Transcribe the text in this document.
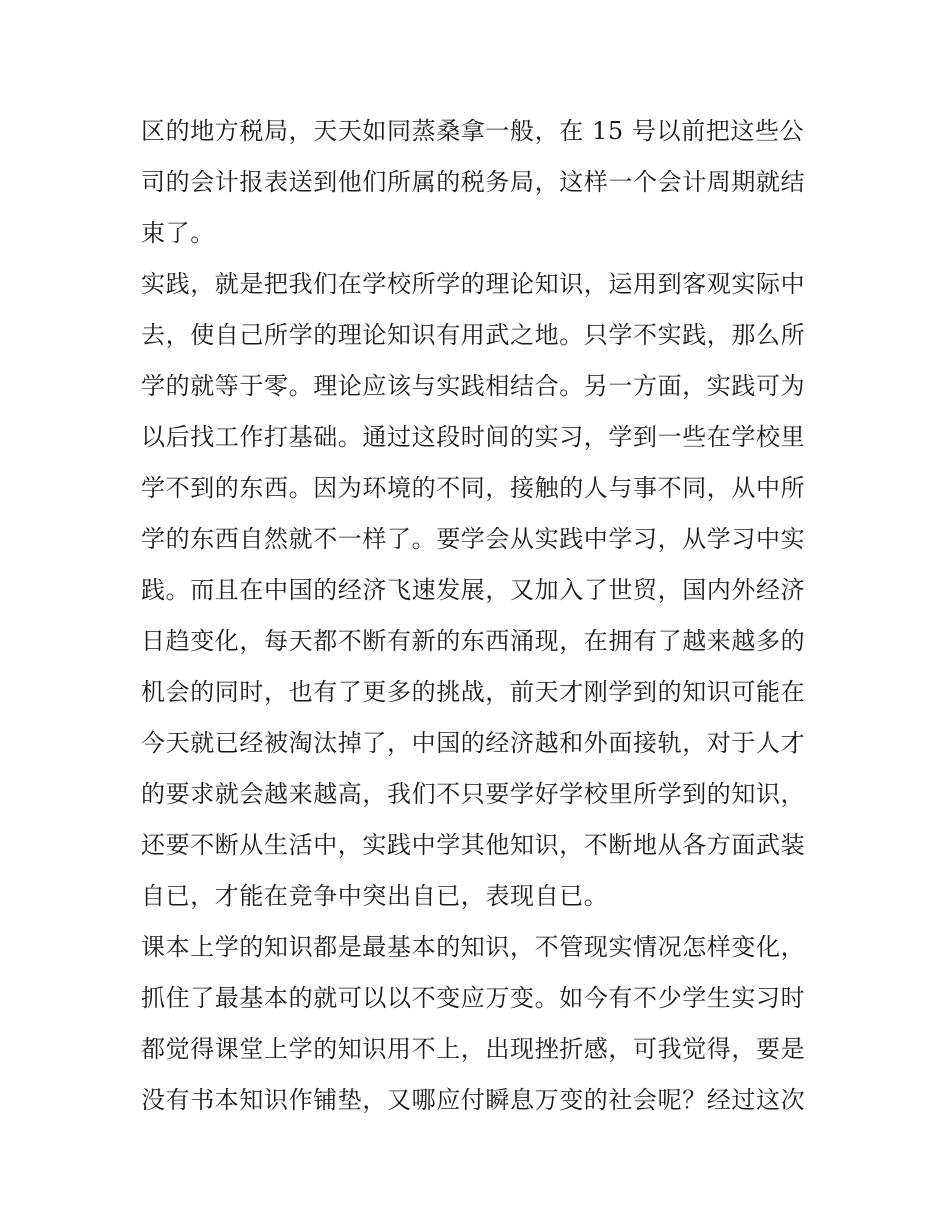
区的地方税局，天天如同蒸桑拿一般，在 15 号以前把这些公
司的会计报表送到他们所属的税务局，这样一个会计周期就结
束了。
实践，就是把我们在学校所学的理论知识，运用到客观实际中
去，使自己所学的理论知识有用武之地。只学不实践，那么所
学的就等于零。理论应该与实践相结合。另一方面，实践可为
以后找工作打基础。通过这段时间的实习，学到一些在学校里
学不到的东西。因为环境的不同，接触的人与事不同，从中所
学的东西自然就不一样了。要学会从实践中学习，从学习中实
践。而且在中国的经济飞速发展，又加入了世贸，国内外经济
日趋变化，每天都不断有新的东西涌现，在拥有了越来越多的
机会的同时，也有了更多的挑战，前天才刚学到的知识可能在
今天就已经被淘汰掉了，中国的经济越和外面接轨，对于人才
的要求就会越来越高，我们不只要学好学校里所学到的知识，
还要不断从生活中，实践中学其他知识，不断地从各方面武装
自已，才能在竞争中突出自已，表现自已。
课本上学的知识都是最基本的知识，不管现实情况怎样变化，
抓住了最基本的就可以以不变应万变。如今有不少学生实习时
都觉得课堂上学的知识用不上，出现挫折感，可我觉得，要是
没有书本知识作铺垫，又哪应付瞬息万变的社会呢？经过这次
